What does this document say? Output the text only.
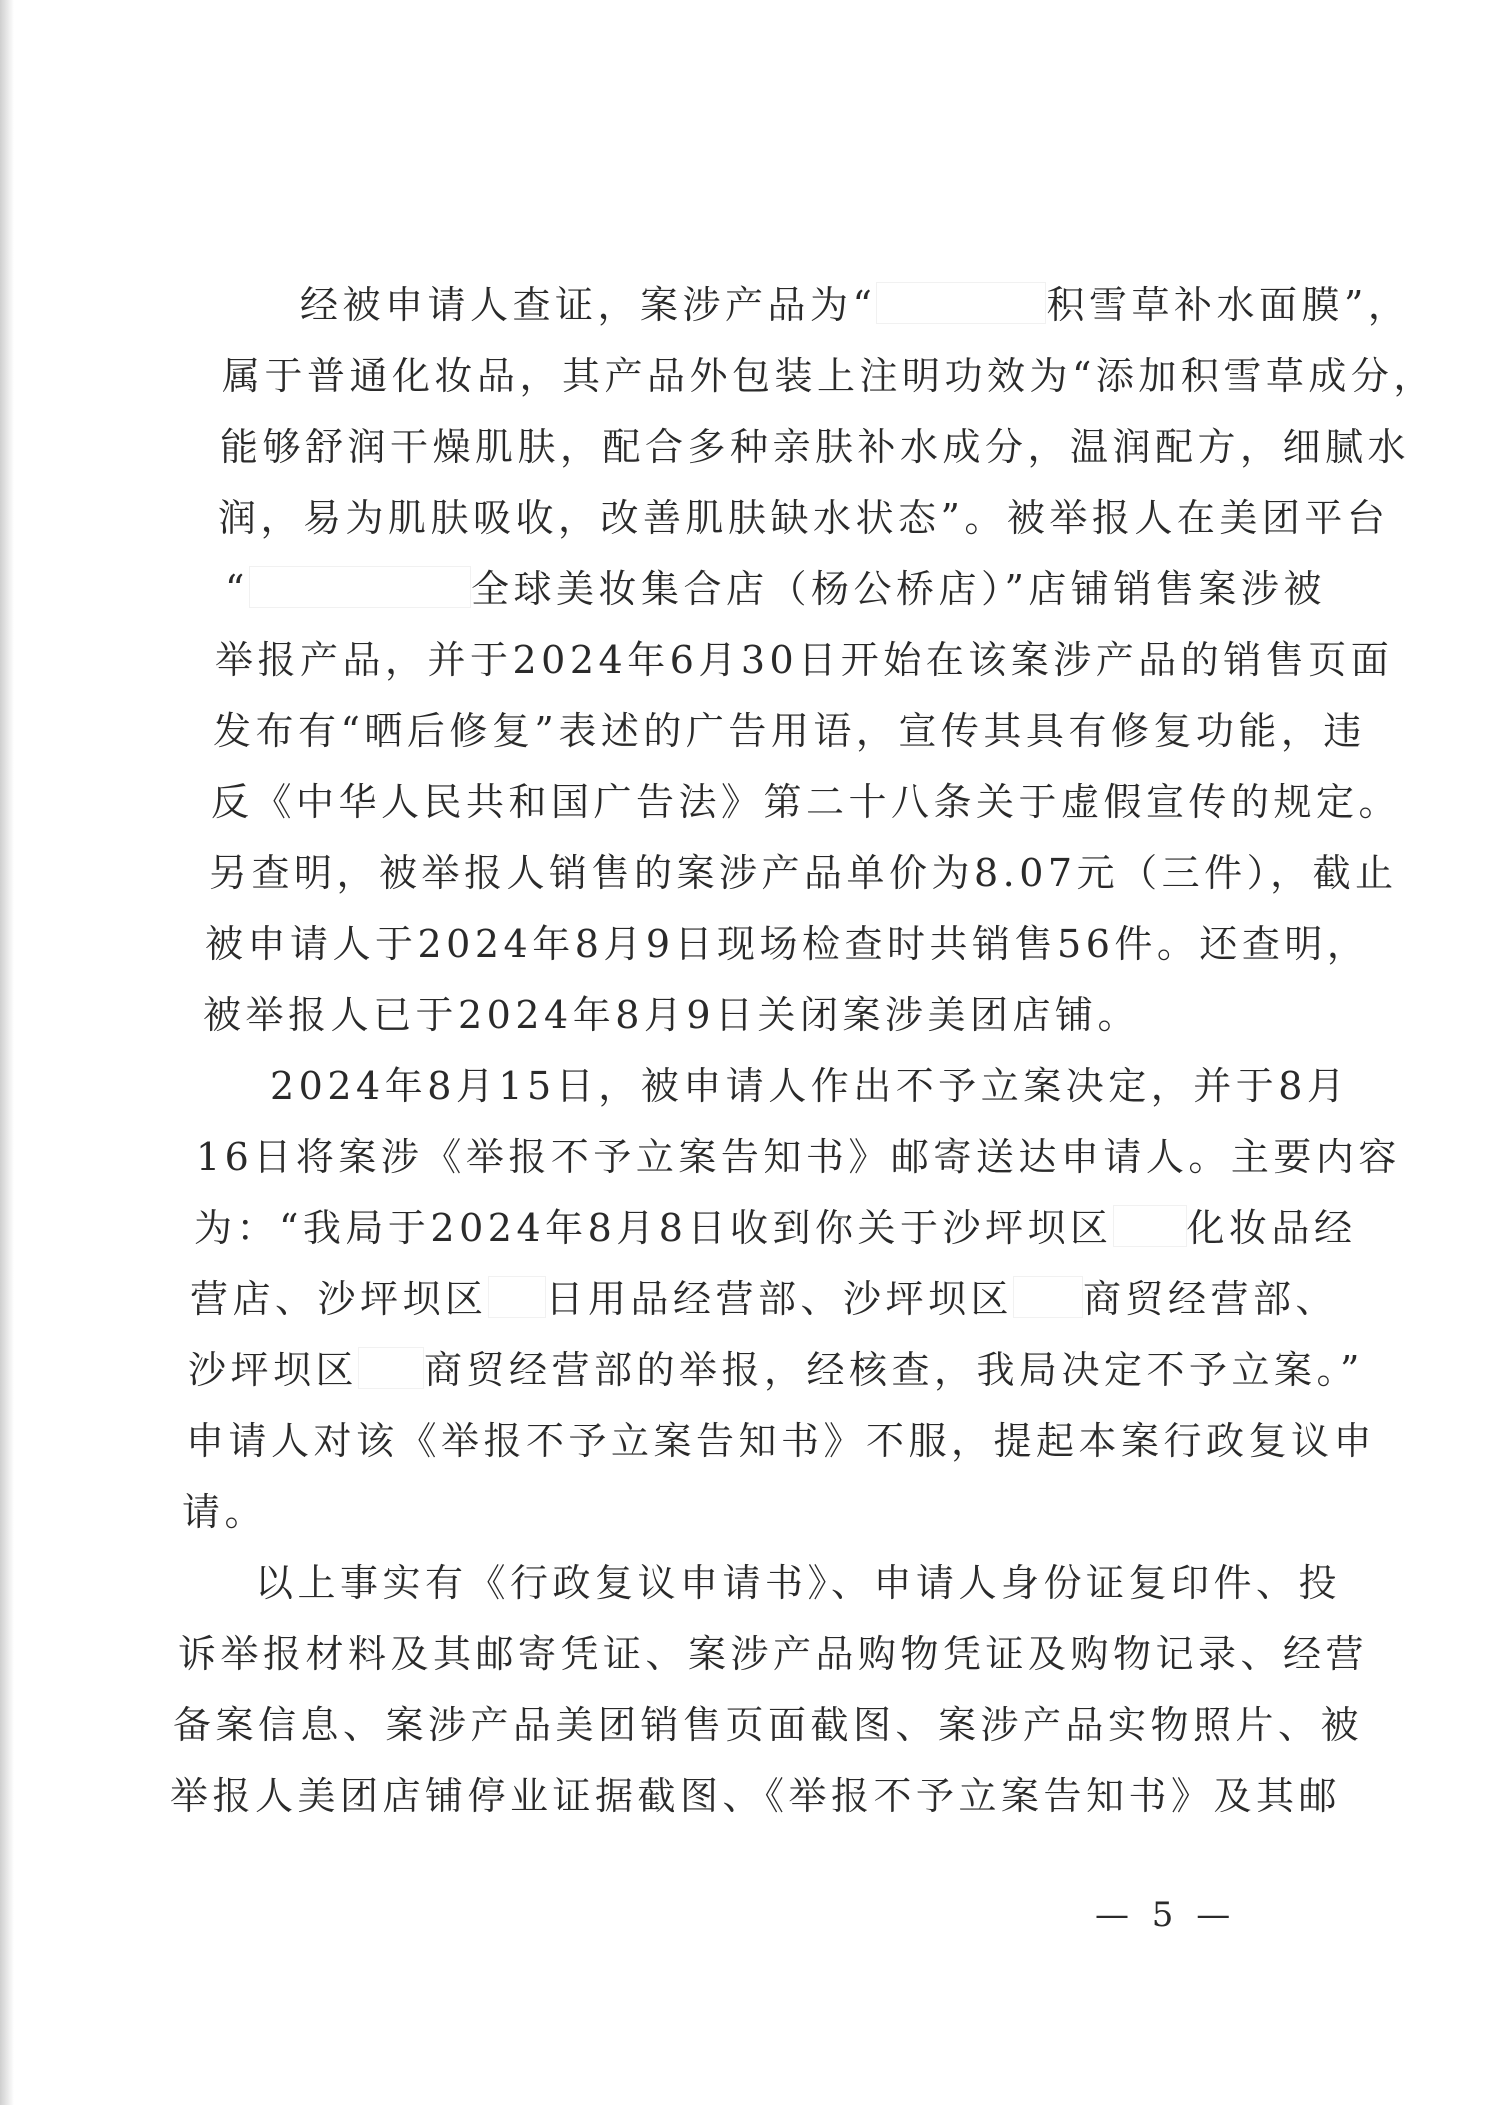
经被申请人查证，案涉产品为“	积雪草补水面膜”，
属于普通化妆品，其产品外包装上注明功效为“添加积雪草成分，
能够舒润干燥肌肤，配合多种亲肤补水成分，温润配方，细腻水
润，易为肌肤吸收，改善肌肤缺水状态”。被举报人在美团平台
“	全球美妆集合店（杨公桥店）”店铺销售案涉被
举报产品，并于2024年6月30日开始在该案涉产品的销售页面
发布有“晒后修复”表述的广告用语，宣传其具有修复功能，违
反《中华人民共和国广告法》第二十八条关于虚假宣传的规定。
另查明，被举报人销售的案涉产品单价为8.07元（三件），截止
被申请人于2024年8月9日现场检查时共销售56件。还查明，
被举报人已于2024年8月9日关闭案涉美团店铺。
2024年8月15日，被申请人作出不予立案决定，并于8月
16日将案涉《举报不予立案告知书》邮寄送达申请人。主要内容
为：“我局于2024年8月8日收到你关于沙坪坝区 化妆品经
营店、沙坪坝区 日用品经营部、沙坪坝区 商贸经营部、
沙坪坝区 商贸经营部的举报，经核查，我局决定不予立案。”
申请人对该《举报不予立案告知书》不服，提起本案行政复议申
请。
以上事实有《行政复议申请书》、申请人身份证复印件、投
诉举报材料及其邮寄凭证、案涉产品购物凭证及购物记录、经营
备案信息、案涉产品美团销售页面截图、案涉产品实物照片、被
举报人美团店铺停业证据截图、《举报不予立案告知书》及其邮
— 5 —
